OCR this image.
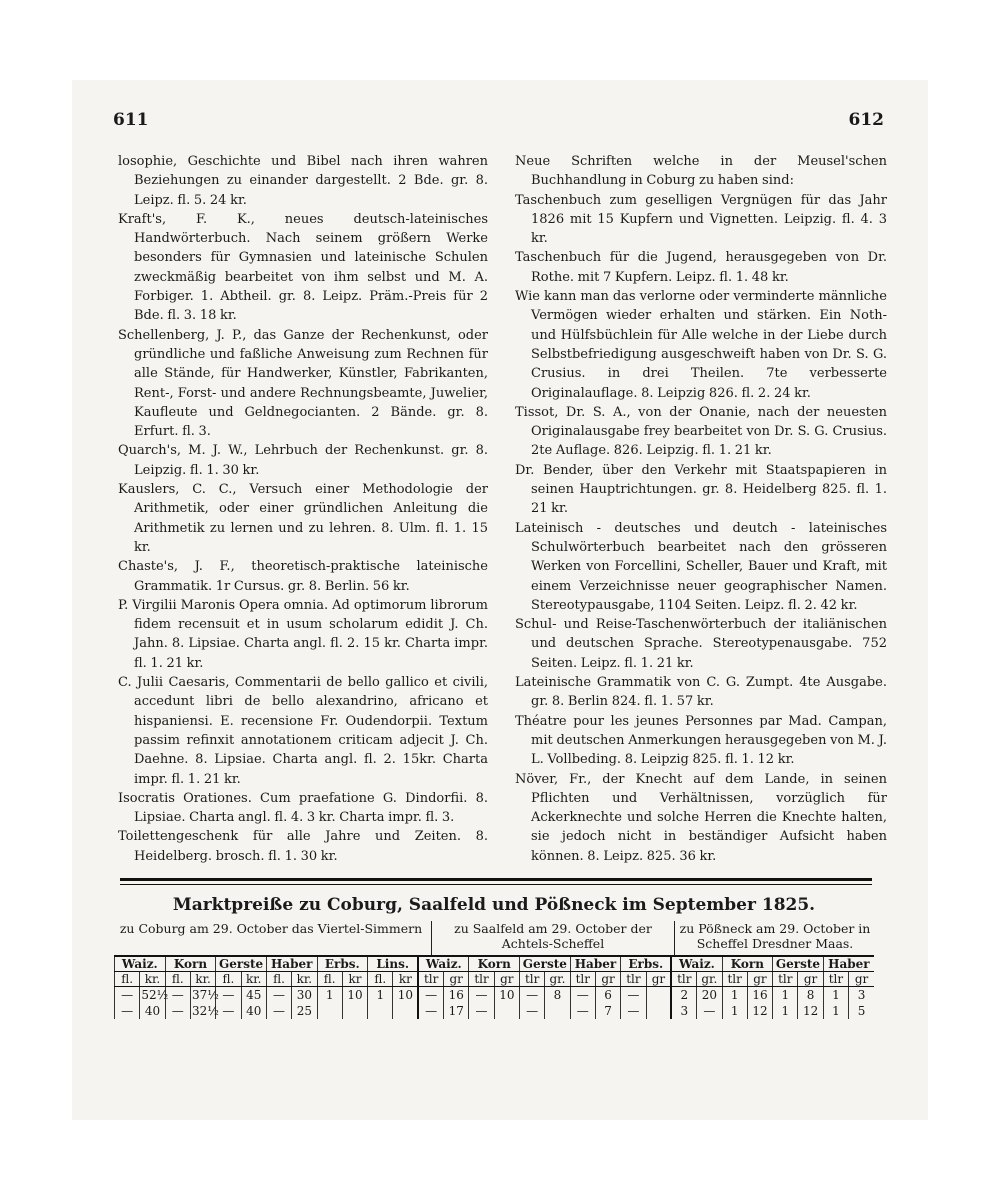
611	612

losophie, Geschichte und Bibel nach ihren wahren Beziehungen zu einander dargestellt. 2 Bde. gr. 8. Leipz. fl. 5. 24 kr.

Kraft's, F. K., neues deutsch-lateinisches Handwörterbuch. Nach seinem größern Werke besonders für Gymnasien und lateinische Schulen zweckmäßig bearbeitet von ihm selbst und M. A. Forbiger. 1. Abtheil. gr. 8. Leipz. Präm.-Preis für 2 Bde. fl. 3. 18 kr.

Schellenberg, J. P., das Ganze der Rechenkunst, oder gründliche und faßliche Anweisung zum Rechnen für alle Stände, für Handwerker, Künstler, Fabrikanten, Rent-, Forst- und andere Rechnungsbeamte, Juwelier, Kaufleute und Geldnegocianten. 2 Bände. gr. 8. Erfurt. fl. 3.

Quarch's, M. J. W., Lehrbuch der Rechenkunst. gr. 8. Leipzig. fl. 1. 30 kr.

Kauslers, C. C., Versuch einer Methodologie der Arithmetik, oder einer gründlichen Anleitung die Arithmetik zu lernen und zu lehren. 8. Ulm. fl. 1. 15 kr.

Chaste's, J. F., theoretisch-praktische lateinische Grammatik. 1r Cursus. gr. 8. Berlin. 56 kr.

P. Virgilii Maronis Opera omnia. Ad optimorum librorum fidem recensuit et in usum scholarum edidit J. Ch. Jahn. 8. Lipsiae. Charta angl. fl. 2. 15 kr. Charta impr. fl. 1. 21 kr.

C. Julii Caesaris, Commentarii de bello gallico et civili, accedunt libri de bello alexandrino, africano et hispaniensi. E. recensione Fr. Oudendorpii. Textum passim refinxit annotationem criticam adjecit J. Ch. Daehne. 8. Lipsiae. Charta angl. fl. 2. 15kr. Charta impr. fl. 1. 21 kr.

Isocratis Orationes. Cum praefatione G. Dindorfii. 8. Lipsiae. Charta angl. fl. 4. 3 kr. Charta impr. fl. 3.

Toilettengeschenk für alle Jahre und Zeiten. 8. Heidelberg. brosch. fl. 1. 30 kr.

Neue Schriften welche in der Meusel'schen Buchhandlung in Coburg zu haben sind:

Taschenbuch zum geselligen Vergnügen für das Jahr 1826 mit 15 Kupfern und Vignetten. Leipzig. fl. 4. 3 kr.

Taschenbuch für die Jugend, herausgegeben von Dr. Rothe. mit 7 Kupfern. Leipz. fl. 1. 48 kr.

Wie kann man das verlorne oder verminderte männliche Vermögen wieder erhalten und stärken. Ein Noth- und Hülfsbüchlein für Alle welche in der Liebe durch Selbstbefriedigung ausgeschweift haben von Dr. S. G. Crusius. in drei Theilen. 7te verbesserte Originalauflage. 8. Leipzig 826. fl. 2. 24 kr.

Tissot, Dr. S. A., von der Onanie, nach der neuesten Originalausgabe frey bearbeitet von Dr. S. G. Crusius. 2te Auflage. 826. Leipzig. fl. 1. 21 kr.

Dr. Bender, über den Verkehr mit Staatspapieren in seinen Hauptrichtungen. gr. 8. Heidelberg 825. fl. 1. 21 kr.

Lateinisch - deutsches und deutch - lateinisches Schulwörterbuch bearbeitet nach den grösseren Werken von Forcellini, Scheller, Bauer und Kraft, mit einem Verzeichnisse neuer geographischer Namen. Stereotypausgabe, 1104 Seiten. Leipz. fl. 2. 42 kr.

Schul- und Reise-Taschenwörterbuch der italiänischen und deutschen Sprache. Stereotypenausgabe. 752 Seiten. Leipz. fl. 1. 21 kr.

Lateinische Grammatik von C. G. Zumpt. 4te Ausgabe. gr. 8. Berlin 824. fl. 1. 57 kr.

Théatre pour les jeunes Personnes par Mad. Campan, mit deutschen Anmerkungen herausgegeben von M. J. L. Vollbeding. 8. Leipzig 825. fl. 1. 12 kr.

Növer, Fr., der Knecht auf dem Lande, in seinen Pflichten und Verhältnissen, vorzüglich für Ackerknechte und solche Herren die Knechte halten, sie jedoch nicht in beständiger Aufsicht haben können. 8. Leipz. 825. 36 kr.

Marktpreiße zu Coburg, Saalfeld und Pößneck im September 1825.
zu Coburg am 29. October das Viertel-Simmern	zu Saalfeld am 29. October der Achtels-Scheffel
zu Pößneck am 29. October in Scheffel Dresdner Maas.
Waiz.		Korn		Gerste		Haber		Erbs.		Lins.		Waiz.		Korn		Gerste		Haber		Erbs.		Waiz.		Korn		Gerste		Haber	
fl.	kr.	fl.	kr.	fl.	kr.	fl.	kr.	fl.	kr	fl.	kr	tlr	gr	tlr	gr	tlr	gr.	tlr	gr	tlr	gr	tlr	gr.	tlr	gr	tlr	gr	tlr	gr
—	52½	—	37½	—	45	—	30	1	10	1	10	—	16	—	10	—	8	—	6	—		2	20	1	16	1	8	1	3
—	40	—	32½	—	40	—	25					—	17	—		—		—	7	—		3	—	1	12	1	12	1	5
